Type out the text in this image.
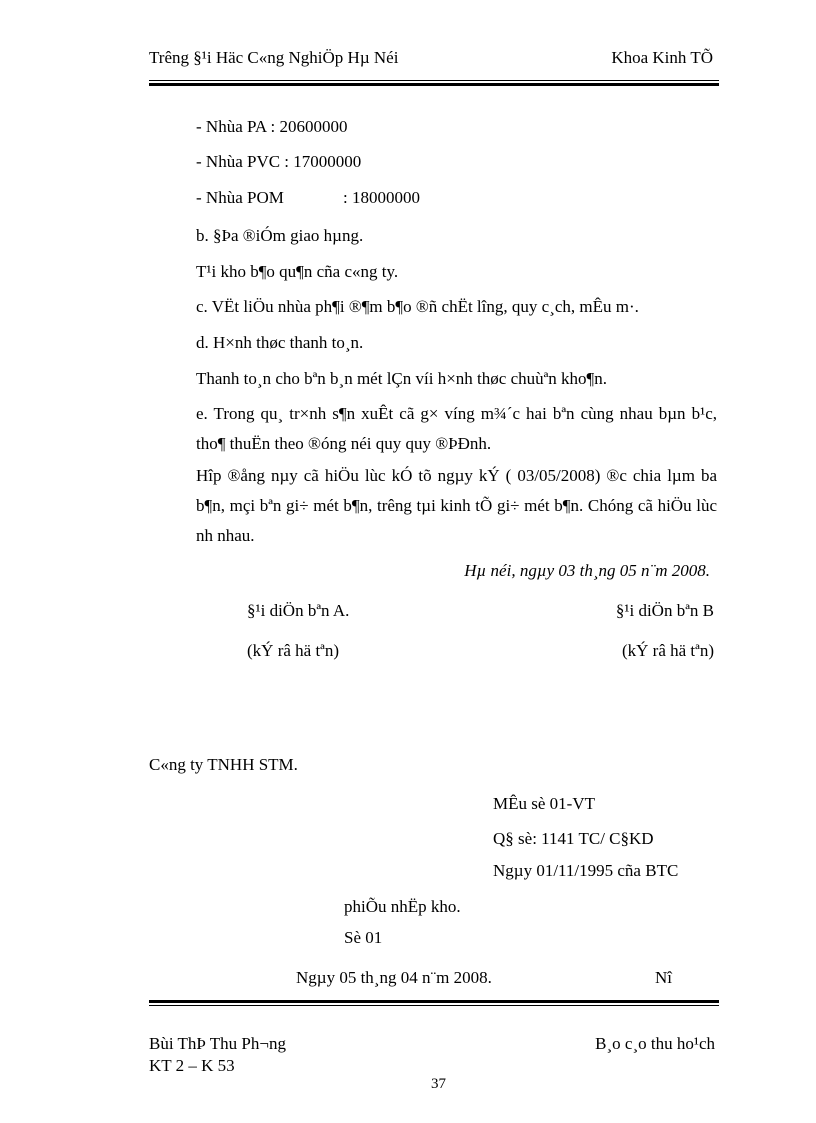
Trêng §¹i Häc C«ng NghiÖp Hµ Néi	Khoa Kinh TÕ
- Nhùa PA : 20600000
- Nhùa PVC : 17000000
- Nhùa POM	: 18000000
b. §Þa ®iÓm giao hµng.
T¹i kho b¶o qu¶n cña c«ng ty.
c. VËt liÖu nhùa ph¶i ®¶m b¶o ®ñ chËt lîng, quy c¸ch, mÊu m·.
d. H×nh thøc thanh to¸n.
Thanh to¸n cho bªn b¸n mét lÇn víi h×nh thøc chuùªn kho¶n.
e. Trong qu¸ tr×nh s¶n xuÊt cã g× víng m¾´c hai bªn cùng nhau bµn b¹c, tho¶ thuËn theo ®óng néi quy quy ®ÞÐnh.
Hîp ®ång nµy cã hiÖu lùc kÓ tõ ngµy kÝ ( 03/05/2008) ®c chia lµm ba b¶n, mçi bªn gi÷ mét b¶n, trêng tµi kinh tÕ gi÷ mét b¶n. Chóng cã hiÖu lùc nh nhau.
Hµ néi, ngµy 03 th¸ng 05 n¨m 2008.
§¹i diÖn bªn A.	§¹i diÖn bªn B
(kÝ râ hä tªn)	(kÝ râ hä tªn)
C«ng ty TNHH STM.
MÊu sè 01-VT
Q§ sè: 1141 TC/ C§KD
Ngµy 01/11/1995 cña BTC
phiÕu nhËp kho.
Sè 01
Ngµy 05 th¸ng 04 n¨m 2008.	Nî
Bùi ThÞ Thu Ph¬ng
KT 2 – K 53
B¸o c¸o thu ho¹ch
37
